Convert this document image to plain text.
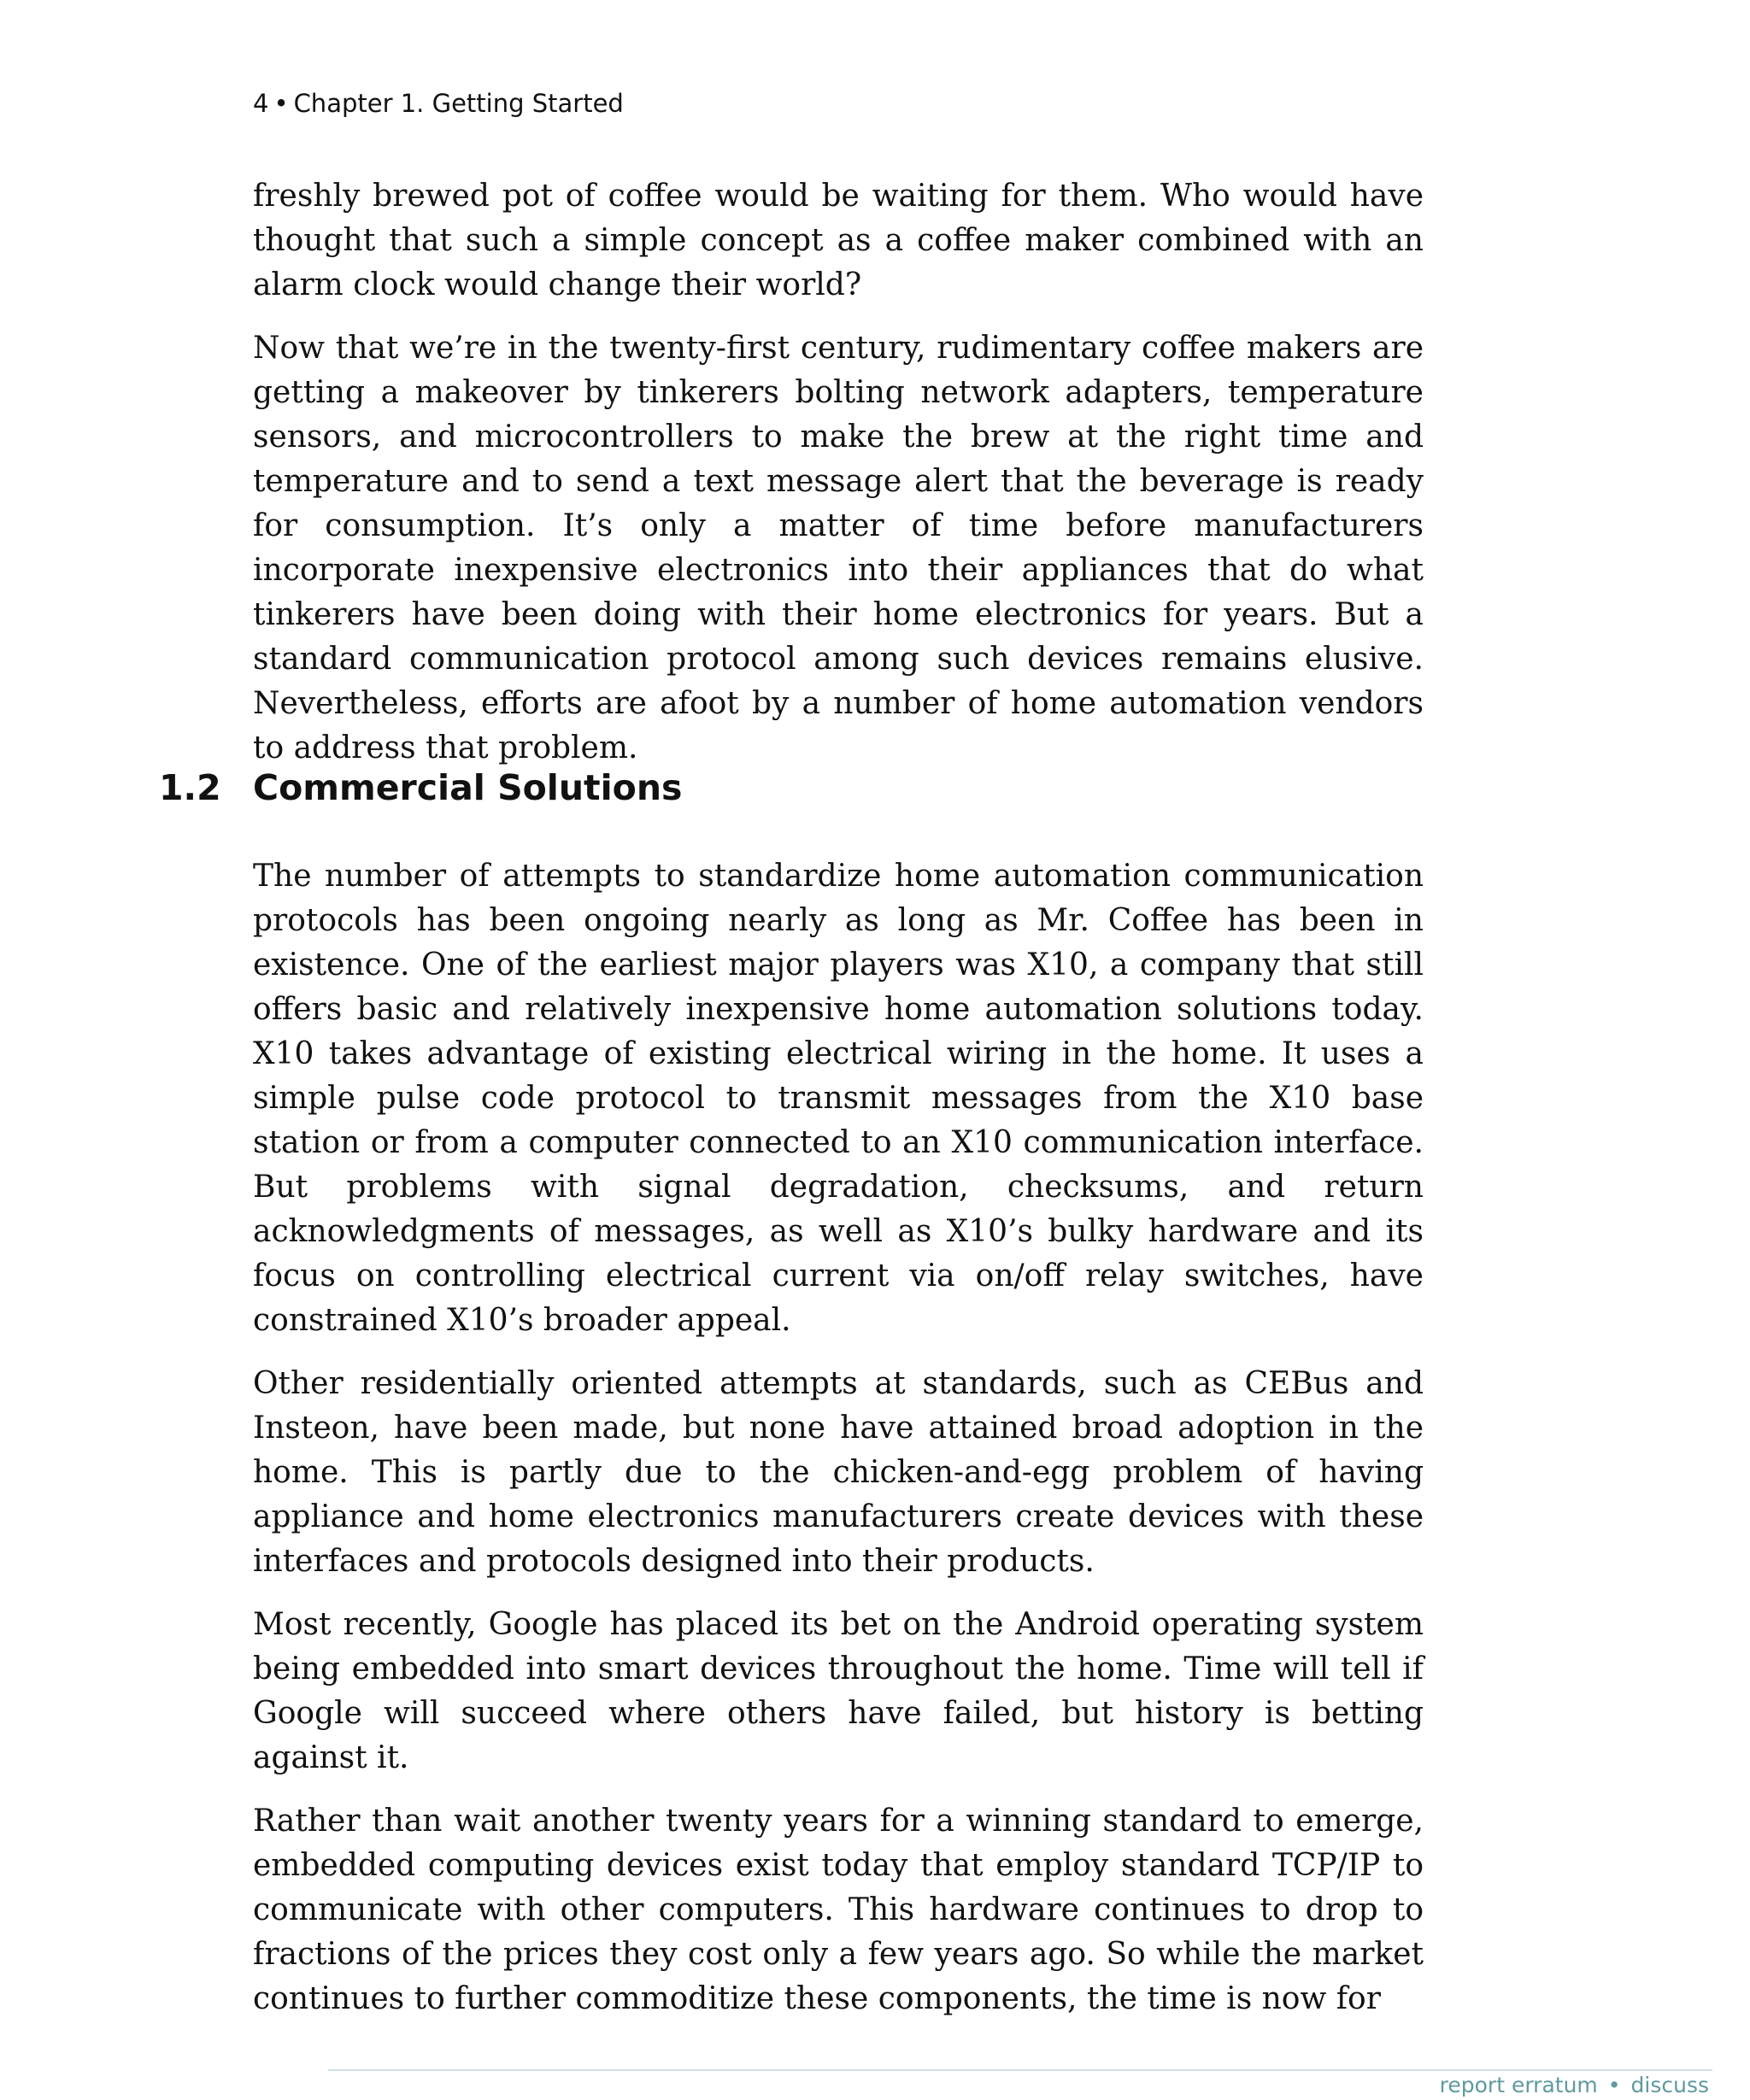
4 • Chapter 1. Getting Started

freshly brewed pot of coffee would be waiting for them. Who would have thought that such a simple concept as a coffee maker combined with an alarm clock would change their world?

Now that we’re in the twenty-first century, rudimentary coffee makers are getting a makeover by tinkerers bolting network adapters, temperature sensors, and microcontrollers to make the brew at the right time and temperature and to send a text message alert that the beverage is ready for consumption. It’s only a matter of time before manufacturers incorporate inexpensive electronics into their appliances that do what tinkerers have been doing with their home electronics for years. But a standard communication protocol among such devices remains elusive. Nevertheless, efforts are afoot by a number of home automation vendors to address that problem.

1.2 Commercial Solutions

The number of attempts to standardize home automation communication protocols has been ongoing nearly as long as Mr. Coffee has been in existence. One of the earliest major players was X10, a company that still offers basic and relatively inexpensive home automation solutions today. X10 takes advantage of existing electrical wiring in the home. It uses a simple pulse code protocol to transmit messages from the X10 base station or from a computer connected to an X10 communication interface. But problems with signal degradation, checksums, and return acknowledgments of messages, as well as X10’s bulky hardware and its focus on controlling electrical current via on/off relay switches, have constrained X10’s broader appeal.

Other residentially oriented attempts at standards, such as CEBus and Insteon, have been made, but none have attained broad adoption in the home. This is partly due to the chicken-and-egg problem of having appliance and home electronics manufacturers create devices with these interfaces and protocols designed into their products.

Most recently, Google has placed its bet on the Android operating system being embedded into smart devices throughout the home. Time will tell if Google will succeed where others have failed, but history is betting against it.

Rather than wait another twenty years for a winning standard to emerge, embedded computing devices exist today that employ standard TCP/IP to communicate with other computers. This hardware continues to drop to fractions of the prices they cost only a few years ago. So while the market continues to further commoditize these components, the time is now for

report erratum • discuss
